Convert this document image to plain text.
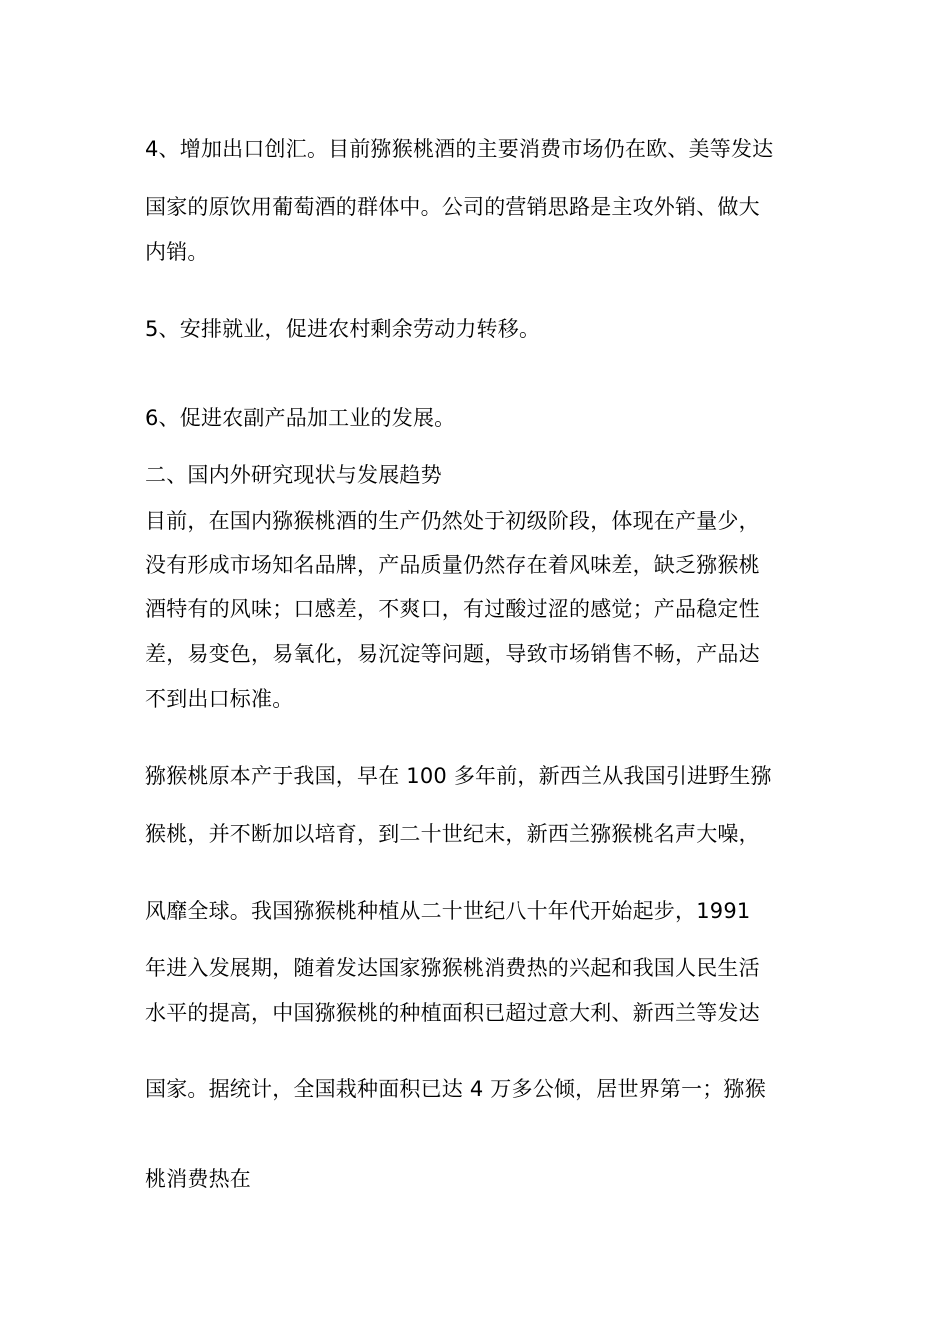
4、增加出口创汇。目前猕猴桃酒的主要消费市场仍在欧、美等发达

国家的原饮用葡萄酒的群体中。公司的营销思路是主攻外销、做大

内销。

5、安排就业，促进农村剩余劳动力转移。

6、促进农副产品加工业的发展。

二、国内外研究现状与发展趋势

目前，在国内猕猴桃酒的生产仍然处于初级阶段，体现在产量少，

没有形成市场知名品牌，产品质量仍然存在着风味差，缺乏猕猴桃

酒特有的风味；口感差，不爽口，有过酸过涩的感觉；产品稳定性

差，易变色，易氧化，易沉淀等问题，导致市场销售不畅，产品达

不到出口标准。

猕猴桃原本产于我国，早在 100 多年前，新西兰从我国引进野生猕

猴桃，并不断加以培育，到二十世纪末，新西兰猕猴桃名声大噪，

风靡全球。我国猕猴桃种植从二十世纪八十年代开始起步，1991

年进入发展期，随着发达国家猕猴桃消费热的兴起和我国人民生活

水平的提高，中国猕猴桃的种植面积已超过意大利、新西兰等发达

国家。据统计，全国栽种面积已达 4 万多公倾，居世界第一；猕猴

桃消费热在
